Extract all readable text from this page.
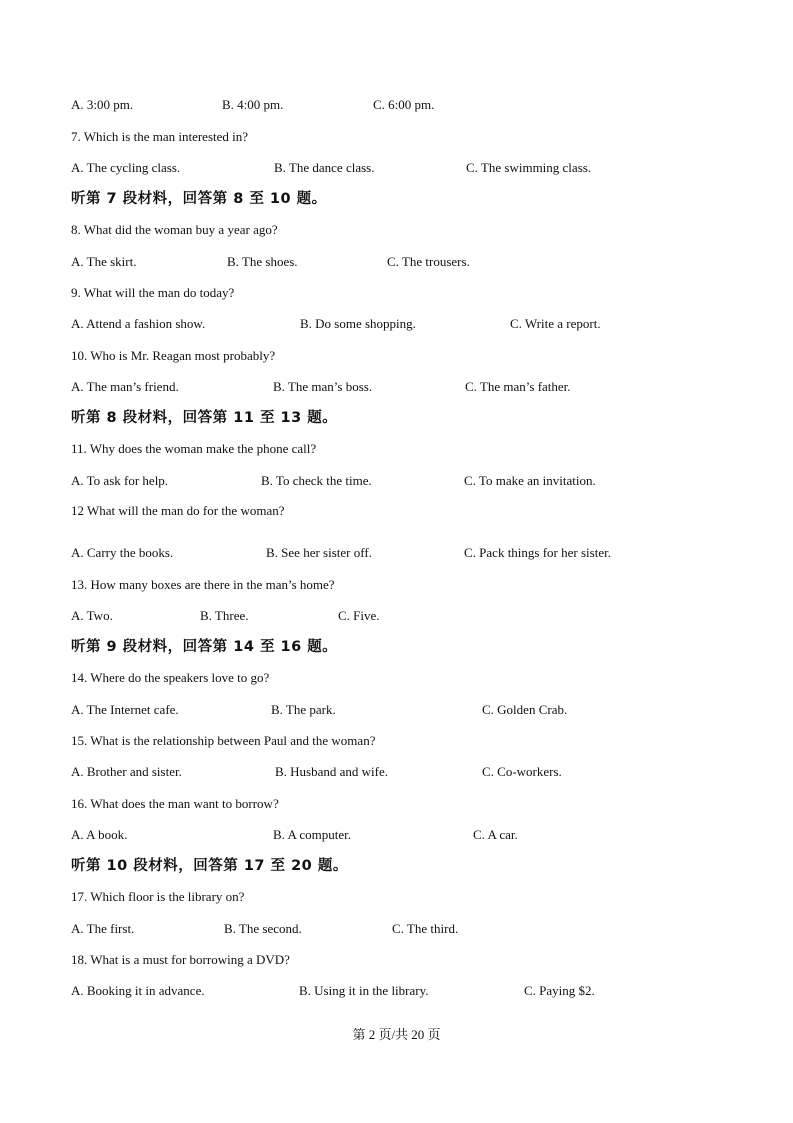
A. 3:00 pm.	B. 4:00 pm.	C. 6:00 pm.
7. Which is the man interested in?
A. The cycling class.	B. The dance class.	C. The swimming class.
听第 7 段材料，回答第 8 至 10 题。
8. What did the woman buy a year ago?
A. The skirt.	B. The shoes.	C. The trousers.
9. What will the man do today?
A. Attend a fashion show.	B. Do some shopping.	C. Write a report.
10. Who is Mr. Reagan most probably?
A. The man’s friend.	B. The man’s boss.	C. The man’s father.
听第 8 段材料，回答第 11 至 13 题。
11. Why does the woman make the phone call?
A. To ask for help.	B. To check the time.	C. To make an invitation.
12 What will the man do for the woman?
A. Carry the books.	B. See her sister off.	C. Pack things for her sister.
13. How many boxes are there in the man’s home?
A. Two.	B. Three.	C. Five.
听第 9 段材料，回答第 14 至 16 题。
14. Where do the speakers love to go?
A. The Internet cafe.	B. The park.	C. Golden Crab.
15. What is the relationship between Paul and the woman?
A. Brother and sister.	B. Husband and wife.	C. Co-workers.
16. What does the man want to borrow?
A. A book.	B. A computer.	C. A car.
听第 10 段材料，回答第 17 至 20 题。
17. Which floor is the library on?
A. The first.	B. The second.	C. The third.
18. What is a must for borrowing a DVD?
A. Booking it in advance.	B. Using it in the library.	C. Paying $2.
第 2 页/共 20 页
